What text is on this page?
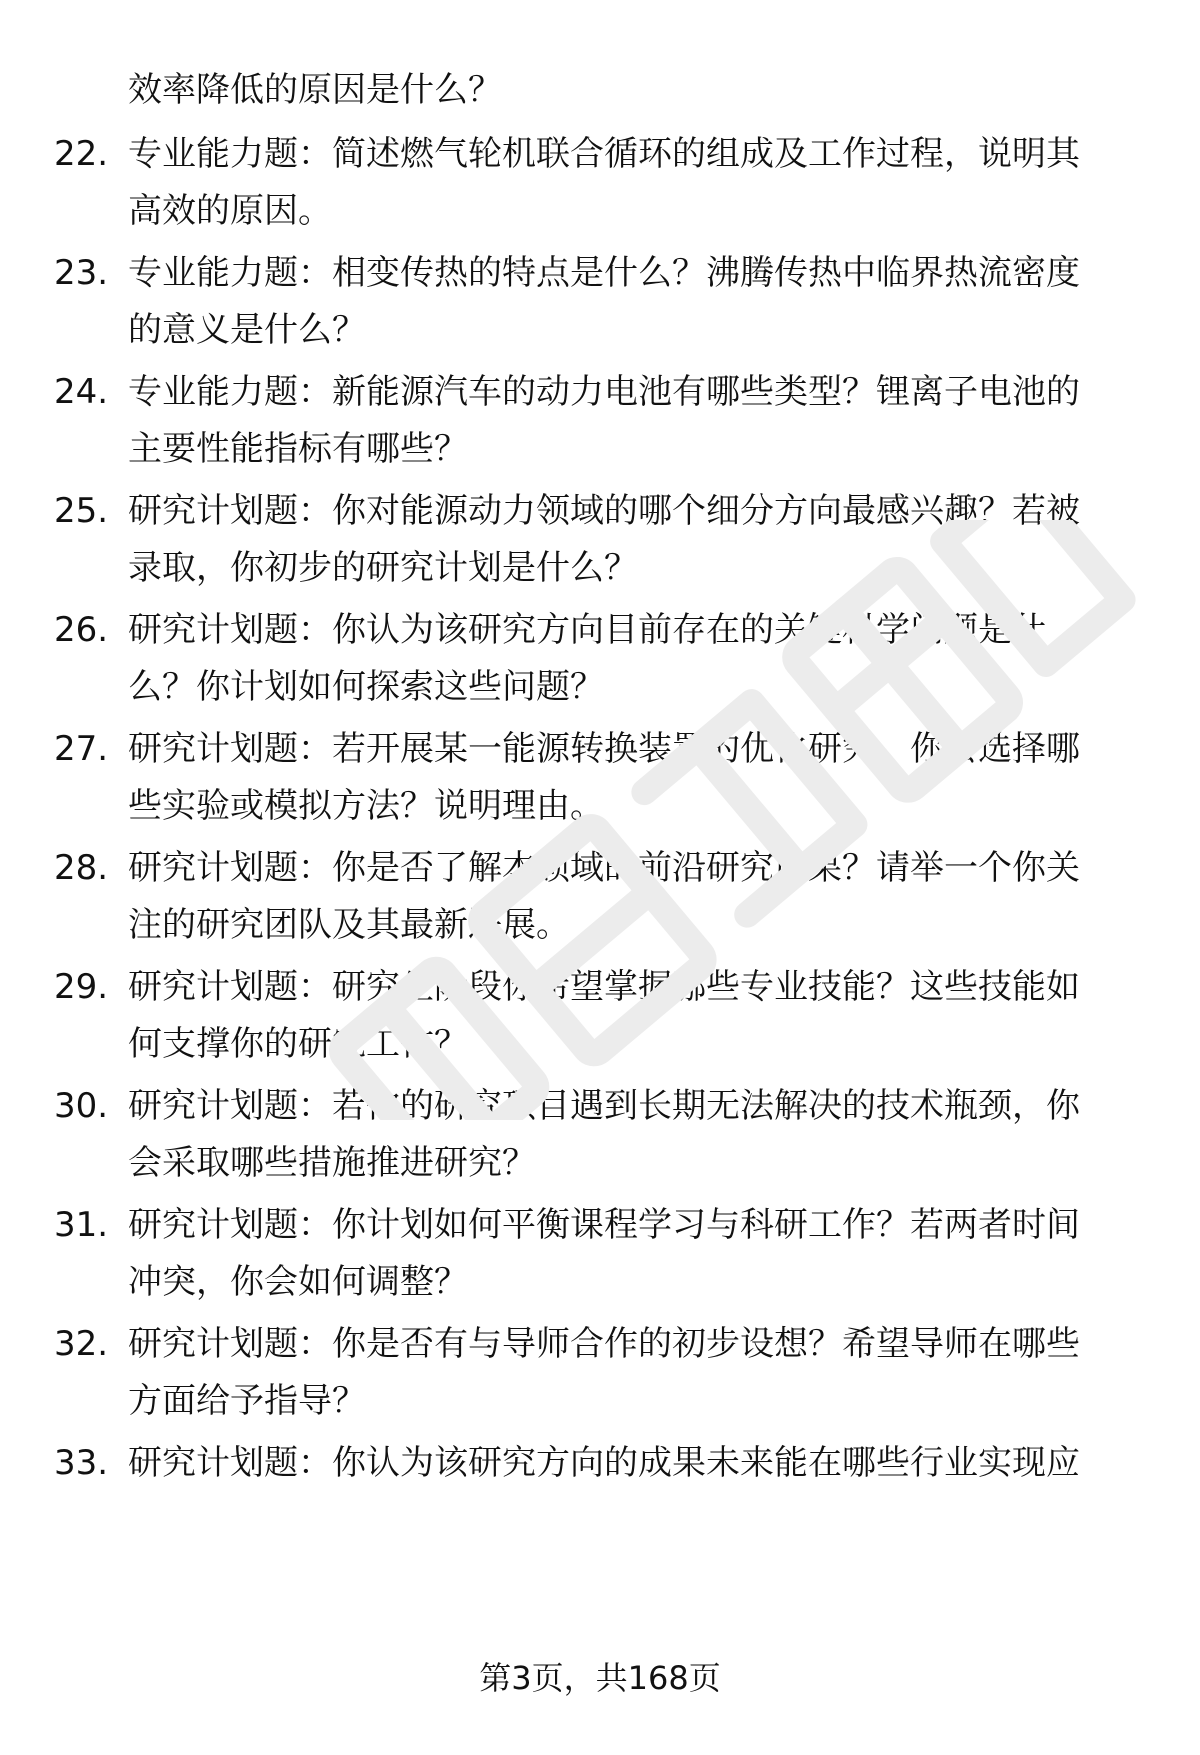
效率降低的原因是什么？
22. 专业能力题：简述燃气轮机联合循环的组成及工作过程，说明其
高效的原因。
23. 专业能力题：相变传热的特点是什么？沸腾传热中临界热流密度
的意义是什么？
24. 专业能力题：新能源汽车的动力电池有哪些类型？锂离子电池的
主要性能指标有哪些？
25. 研究计划题：你对能源动力领域的哪个细分方向最感兴趣？若被
录取，你初步的研究计划是什么？
26. 研究计划题：你认为该研究方向目前存在的关键科学问题是什
么？你计划如何探索这些问题？
27. 研究计划题：若开展某一能源转换装置的优化研究，你会选择哪
些实验或模拟方法？说明理由。
28. 研究计划题：你是否了解本领域的前沿研究成果？请举一个你关
注的研究团队及其最新进展。
29. 研究计划题：研究生阶段你希望掌握哪些专业技能？这些技能如
何支撑你的研究工作？
30. 研究计划题：若你的研究项目遇到长期无法解决的技术瓶颈，你
会采取哪些措施推进研究？
31. 研究计划题：你计划如何平衡课程学习与科研工作？若两者时间
冲突，你会如何调整？
32. 研究计划题：你是否有与导师合作的初步设想？希望导师在哪些
方面给予指导？
33. 研究计划题：你认为该研究方向的成果未来能在哪些行业实现应
第3页，共168页
